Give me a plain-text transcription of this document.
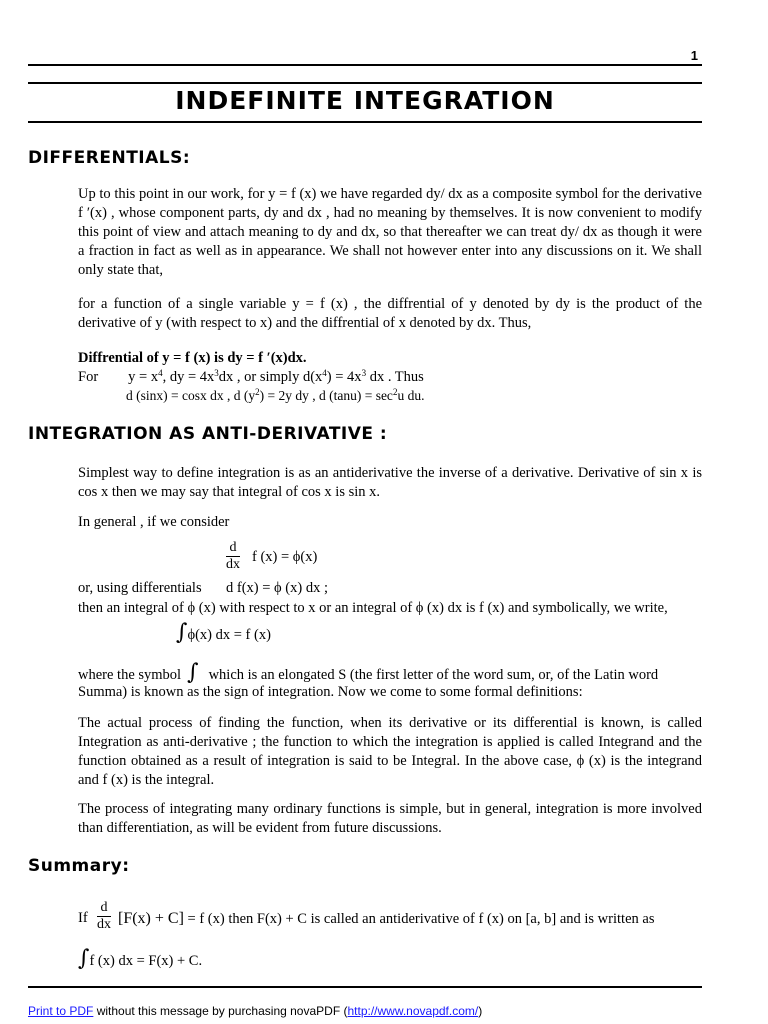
1
INDEFINITE INTEGRATION
DIFFERENTIALS:
Up to this point in our work, for y = f (x) we have regarded dy/ dx as a composite symbol for the derivative f ′(x) , whose component parts, dy and dx , had no meaning by themselves. It is now convenient to modify this point of view and attach meaning to dy and dx, so that thereafter we can treat dy/ dx as though it were a fraction in fact as well as in appearance. We shall not however enter into any discussions on it. We shall only state that,
for a function of a single variable y = f (x) , the diffrential of y denoted by dy is the product of the derivative of y (with respect to x) and the diffrential of x denoted by dx. Thus,
Diffrential of y = f (x) is dy = f ′(x)dx.
For $y = x^4$, dy = $4x^3dx$ , or simply $d(x^4) = 4x^3$ dx . Thus
d (sinx) = cosx dx , d $(y^2) = 2y$ dy , d $(\tan u) = \sec^2u$ du.
INTEGRATION AS ANTI-DERIVATIVE :
Simplest way to define integration is as an antiderivative the inverse of a derivative. Derivative of sin x is cos x then we may say that integral of cos x is sin x.
In general , if we consider
$\frac{d}{dx}$ f (x) = ϕ(x)
or, using differentials d f(x) = ϕ (x) dx ;
then an integral of ϕ (x) with respect to x or an integral of ϕ (x) dx is f (x) and symbolically, we write,
∫ϕ(x) dx = f (x)
where the symbol ∫ which is an elongated S (the first letter of the word sum, or, of the Latin word
Summa) is known as the sign of integration. Now we come to some formal definitions:
The actual process of finding the function, when its derivative or its differential is known, is called Integration as anti-derivative ; the function to which the integration is applied is called Integrand and the function obtained as a result of integration is said to be Integral. In the above case, ϕ (x) is the integrand and f (x) is the integral.
The process of integrating many ordinary functions is simple, but in general, integration is more involved than differentiation, as will be evident from future discussions.
Summary:
If $\frac{d}{dx} [F(x) + C] = f$ (x) then F(x) + C is called an antiderivative of f (x) on [a, b] and is written as
∫f (x) dx = F(x) + C.
Print to PDF without this message by purchasing novaPDF (http://www.novapdf.com/)
